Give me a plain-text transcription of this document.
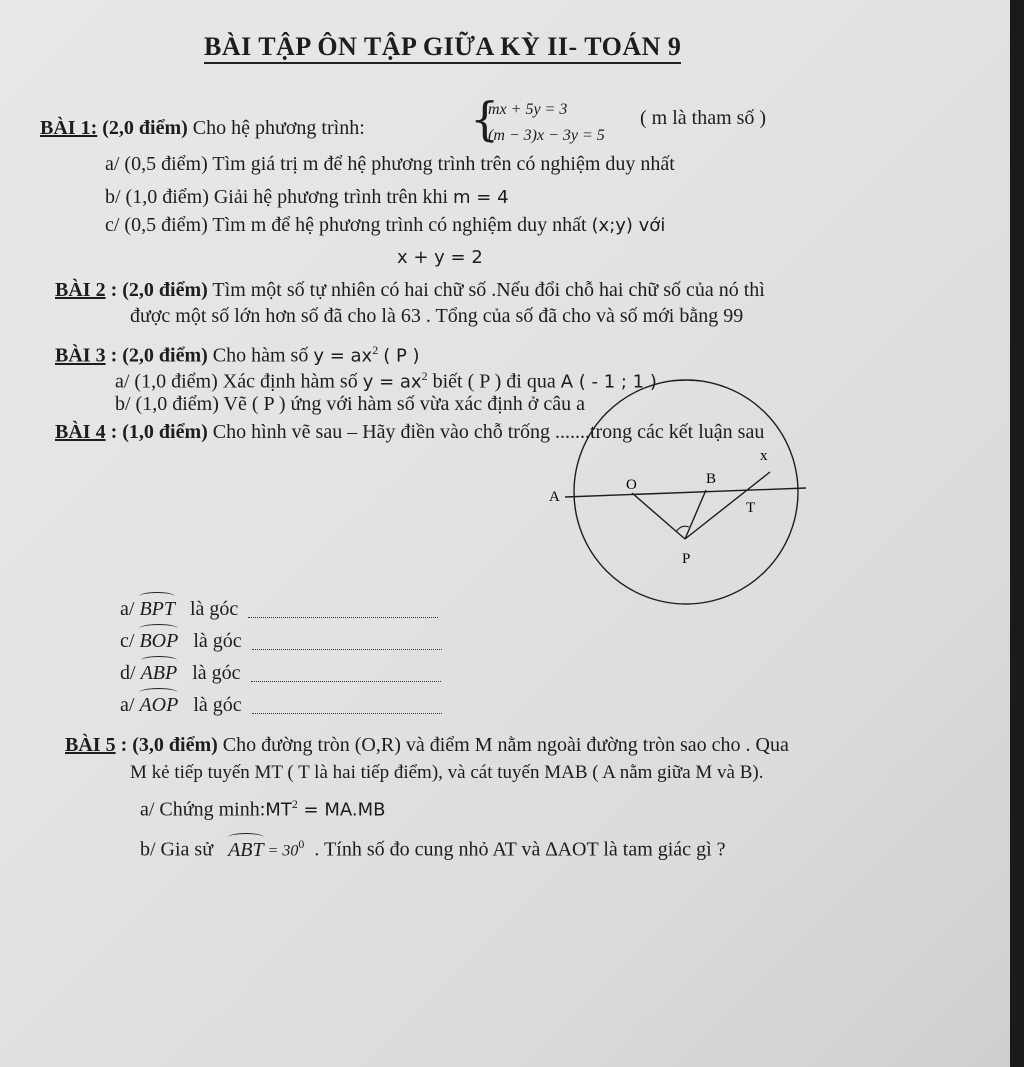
BÀI TẬP ÔN TẬP GIỮA KỲ II- TOÁN 9
BÀI 1: (2,0 điểm) Cho hệ phương trình: {
mx + 5y = 3
(m − 3)x − 3y = 5
( m là tham số )
a/ (0,5 điểm) Tìm giá trị m để hệ phương trình trên có nghiệm duy nhất
b/ (1,0 điểm) Giải hệ phương trình trên khi m = 4
c/ (0,5 điểm) Tìm m để hệ phương trình có nghiệm duy nhất (x;y) với
x + y = 2
BÀI 2 : (2,0 điểm) Tìm một số tự nhiên có hai chữ số .Nếu đổi chỗ hai chữ số của nó thì
được một số lớn hơn số đã cho là 63 . Tổng của số đã cho và số mới bằng 99
BÀI 3 : (2,0 điểm) Cho hàm số $y = ax^2$ ( P )
a/ (1,0 điểm) Xác định hàm số $y = ax^2$ biết ( P ) đi qua A ( - 1 ; 1 )
b/ (1,0 điểm) Vẽ ( P ) ứng với hàm số vừa xác định ở câu a
BÀI 4 : (1,0 điểm) Cho hình vẽ sau – Hãy điền vào chỗ trống .......trong các kết luận sau
x
O	B
A
T
P
a/ BPT là góc
c/ BOP là góc
d/ ABP là góc
a/ AOP là góc
BÀI 5 : (3,0 điểm) Cho đường tròn (O,R) và điểm M nằm ngoài đường tròn sao cho . Qua
M kẻ tiếp tuyến MT ( T là hai tiếp điểm), và cát tuyến MAB ( A nằm giữa M và B).
a/ Chứng $\min h:MT^2 = MA.MB$
b/ Gia sử ABT = $30^0$ . Tính số đo cung nhỏ AT và ∆AOT là tam giác gì ?
